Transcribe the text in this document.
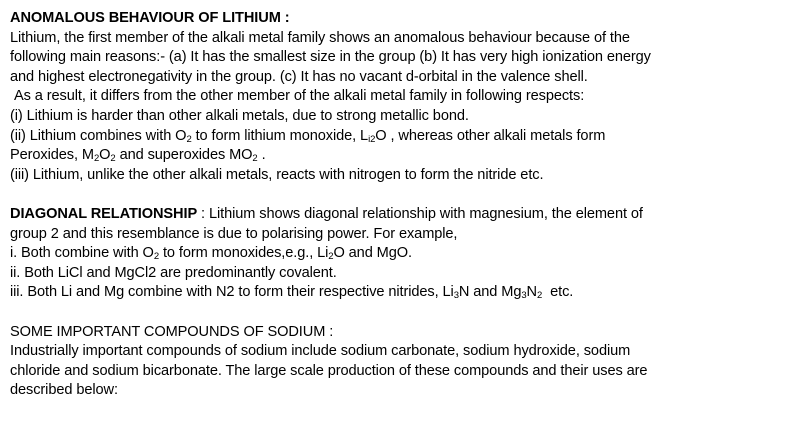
ANOMALOUS BEHAVIOUR OF LITHIUM :
Lithium, the first member of the alkali metal family shows an anomalous behaviour because of the
following main reasons:- (a) It has the smallest size in the group (b) It has very high ionization energy
and highest electronegativity in the group. (c) It has no vacant d-orbital in the valence shell.
As a result, it differs from the other member of the alkali metal family in following respects:
(i) Lithium is harder than other alkali metals, due to strong metallic bond.
(ii) Lithium combines with $O_2$ to form lithium monoxide, $L_{i2}O$ , whereas other alkali metals form
Peroxides, $M_2O_2$ and superoxides $MO_2$ .
(iii) Lithium, unlike the other alkali metals, reacts with nitrogen to form the nitride etc.
DIAGONAL RELATIONSHIP : Lithium shows diagonal relationship with magnesium, the element of
group 2 and this resemblance is due to polarising power. For example,
i. Both combine with $O_2$ to form monoxides,e.g., $Li_2O$ and MgO.
ii. Both LiCl and MgCl2 are predominantly covalent.
iii. Both Li and Mg combine with N2 to form their respective nitrides, $Li_3N$ and $Mg_3N_2$  etc.
SOME IMPORTANT COMPOUNDS OF SODIUM :
Industrially important compounds of sodium include sodium carbonate, sodium hydroxide, sodium
chloride and sodium bicarbonate. The large scale production of these compounds and their uses are
described below:
